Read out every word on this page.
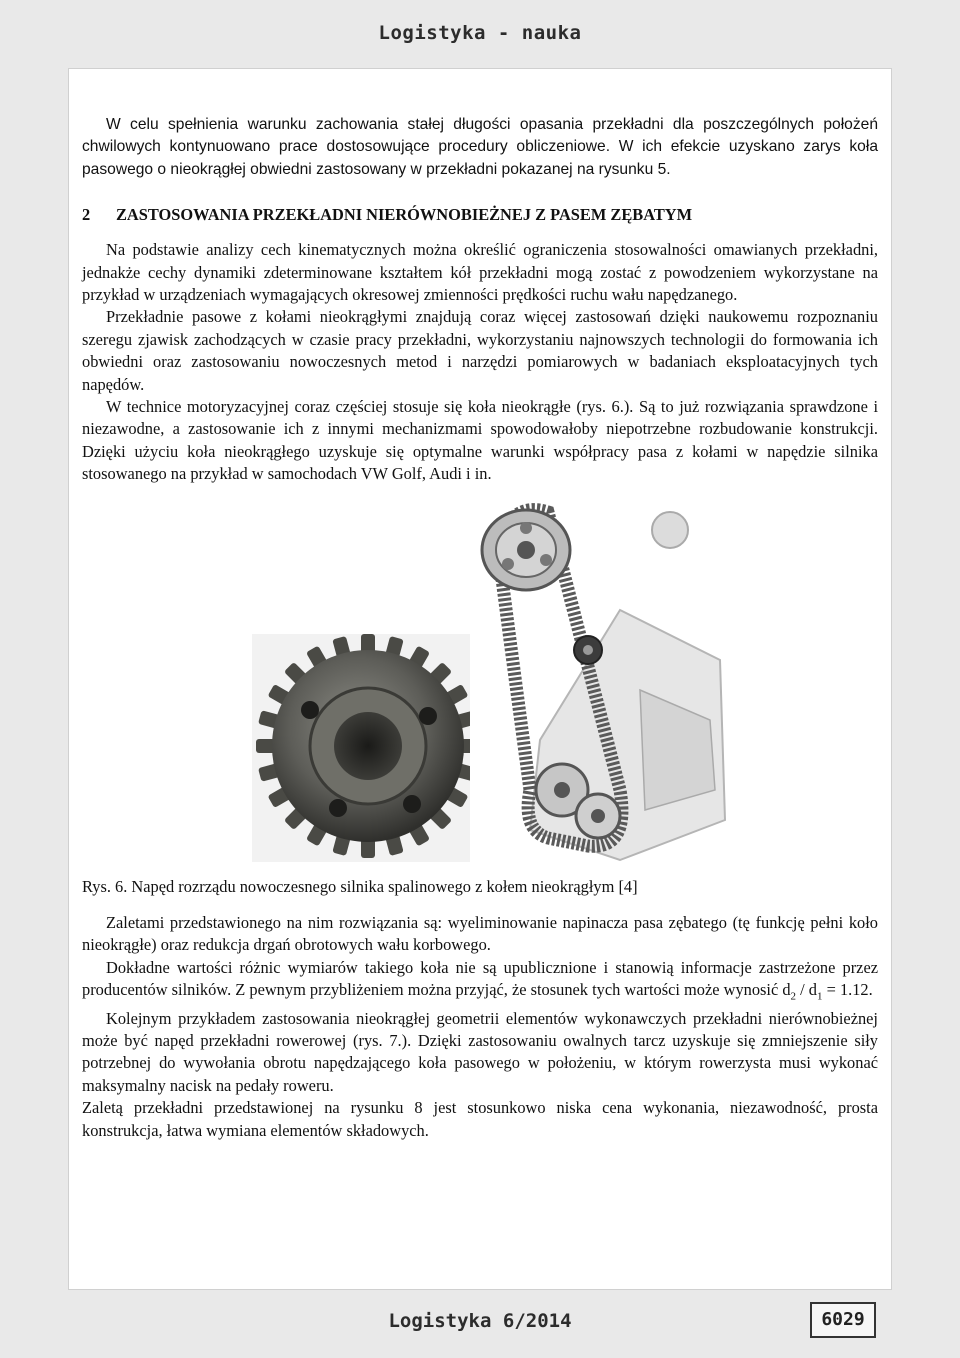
Logistyka - nauka

W celu spełnienia warunku zachowania stałej długości opasania przekładni dla poszczególnych położeń chwilowych kontynuowano prace dostosowujące procedury obliczeniowe. W ich efekcie uzyskano zarys koła pasowego o nieokrągłej obwiedni zastosowany w przekładni pokazanej na rysunku 5.

2	ZASTOSOWANIA PRZEKŁADNI NIERÓWNOBIEŻNEJ Z PASEM ZĘBATYM

Na podstawie analizy cech kinematycznych można określić ograniczenia stosowalności omawianych przekładni, jednakże cechy dynamiki zdeterminowane kształtem kół przekładni mogą zostać z powodzeniem wykorzystane na przykład w urządzeniach wymagających okresowej zmienności prędkości ruchu wału napędzanego.

Przekładnie pasowe z kołami nieokrągłymi znajdują coraz więcej zastosowań dzięki naukowemu rozpoznaniu szeregu zjawisk zachodzących w czasie pracy przekładni, wykorzystaniu najnowszych technologii do formowania ich obwiedni oraz zastosowaniu nowoczesnych metod i narzędzi pomiarowych w badaniach eksploatacyjnych tych napędów.

W technice motoryzacyjnej coraz częściej stosuje się koła nieokrągłe (rys. 6.). Są to już rozwiązania sprawdzone i niezawodne, a zastosowanie ich z innymi mechanizmami spowodowałoby niepotrzebne rozbudowanie konstrukcji. Dzięki użyciu koła nieokrągłego uzyskuje się optymalne warunki współpracy pasa z kołami w napędzie silnika stosowanego na przykład w samochodach VW Golf, Audi i in.

Rys. 6. Napęd rozrządu nowoczesnego silnika spalinowego z kołem nieokrągłym [4]

Zaletami przedstawionego na nim rozwiązania są: wyeliminowanie napinacza pasa zębatego (tę funkcję pełni koło nieokrągłe) oraz redukcja drgań obrotowych wału korbowego.

Dokładne wartości różnic wymiarów takiego koła nie są upublicznione i stanowią informacje zastrzeżone przez producentów silników. Z pewnym przybliżeniem można przyjąć, że stosunek tych wartości może wynosić $d_2 / d_1 = 1.12$.

Kolejnym przykładem zastosowania nieokrągłej geometrii elementów wykonawczych przekładni nierównobieżnej może być napęd przekładni rowerowej (rys. 7.). Dzięki zastosowaniu owalnych tarcz uzyskuje się zmniejszenie siły potrzebnej do wywołania obrotu napędzającego koła pasowego w położeniu, w którym rowerzysta musi wykonać maksymalny nacisk na pedały roweru.

Zaletą przekładni przedstawionej na rysunku 8 jest stosunkowo niska cena wykonania, niezawodność, prosta konstrukcja, łatwa wymiana elementów składowych.

Logistyka 6/2014	6029
